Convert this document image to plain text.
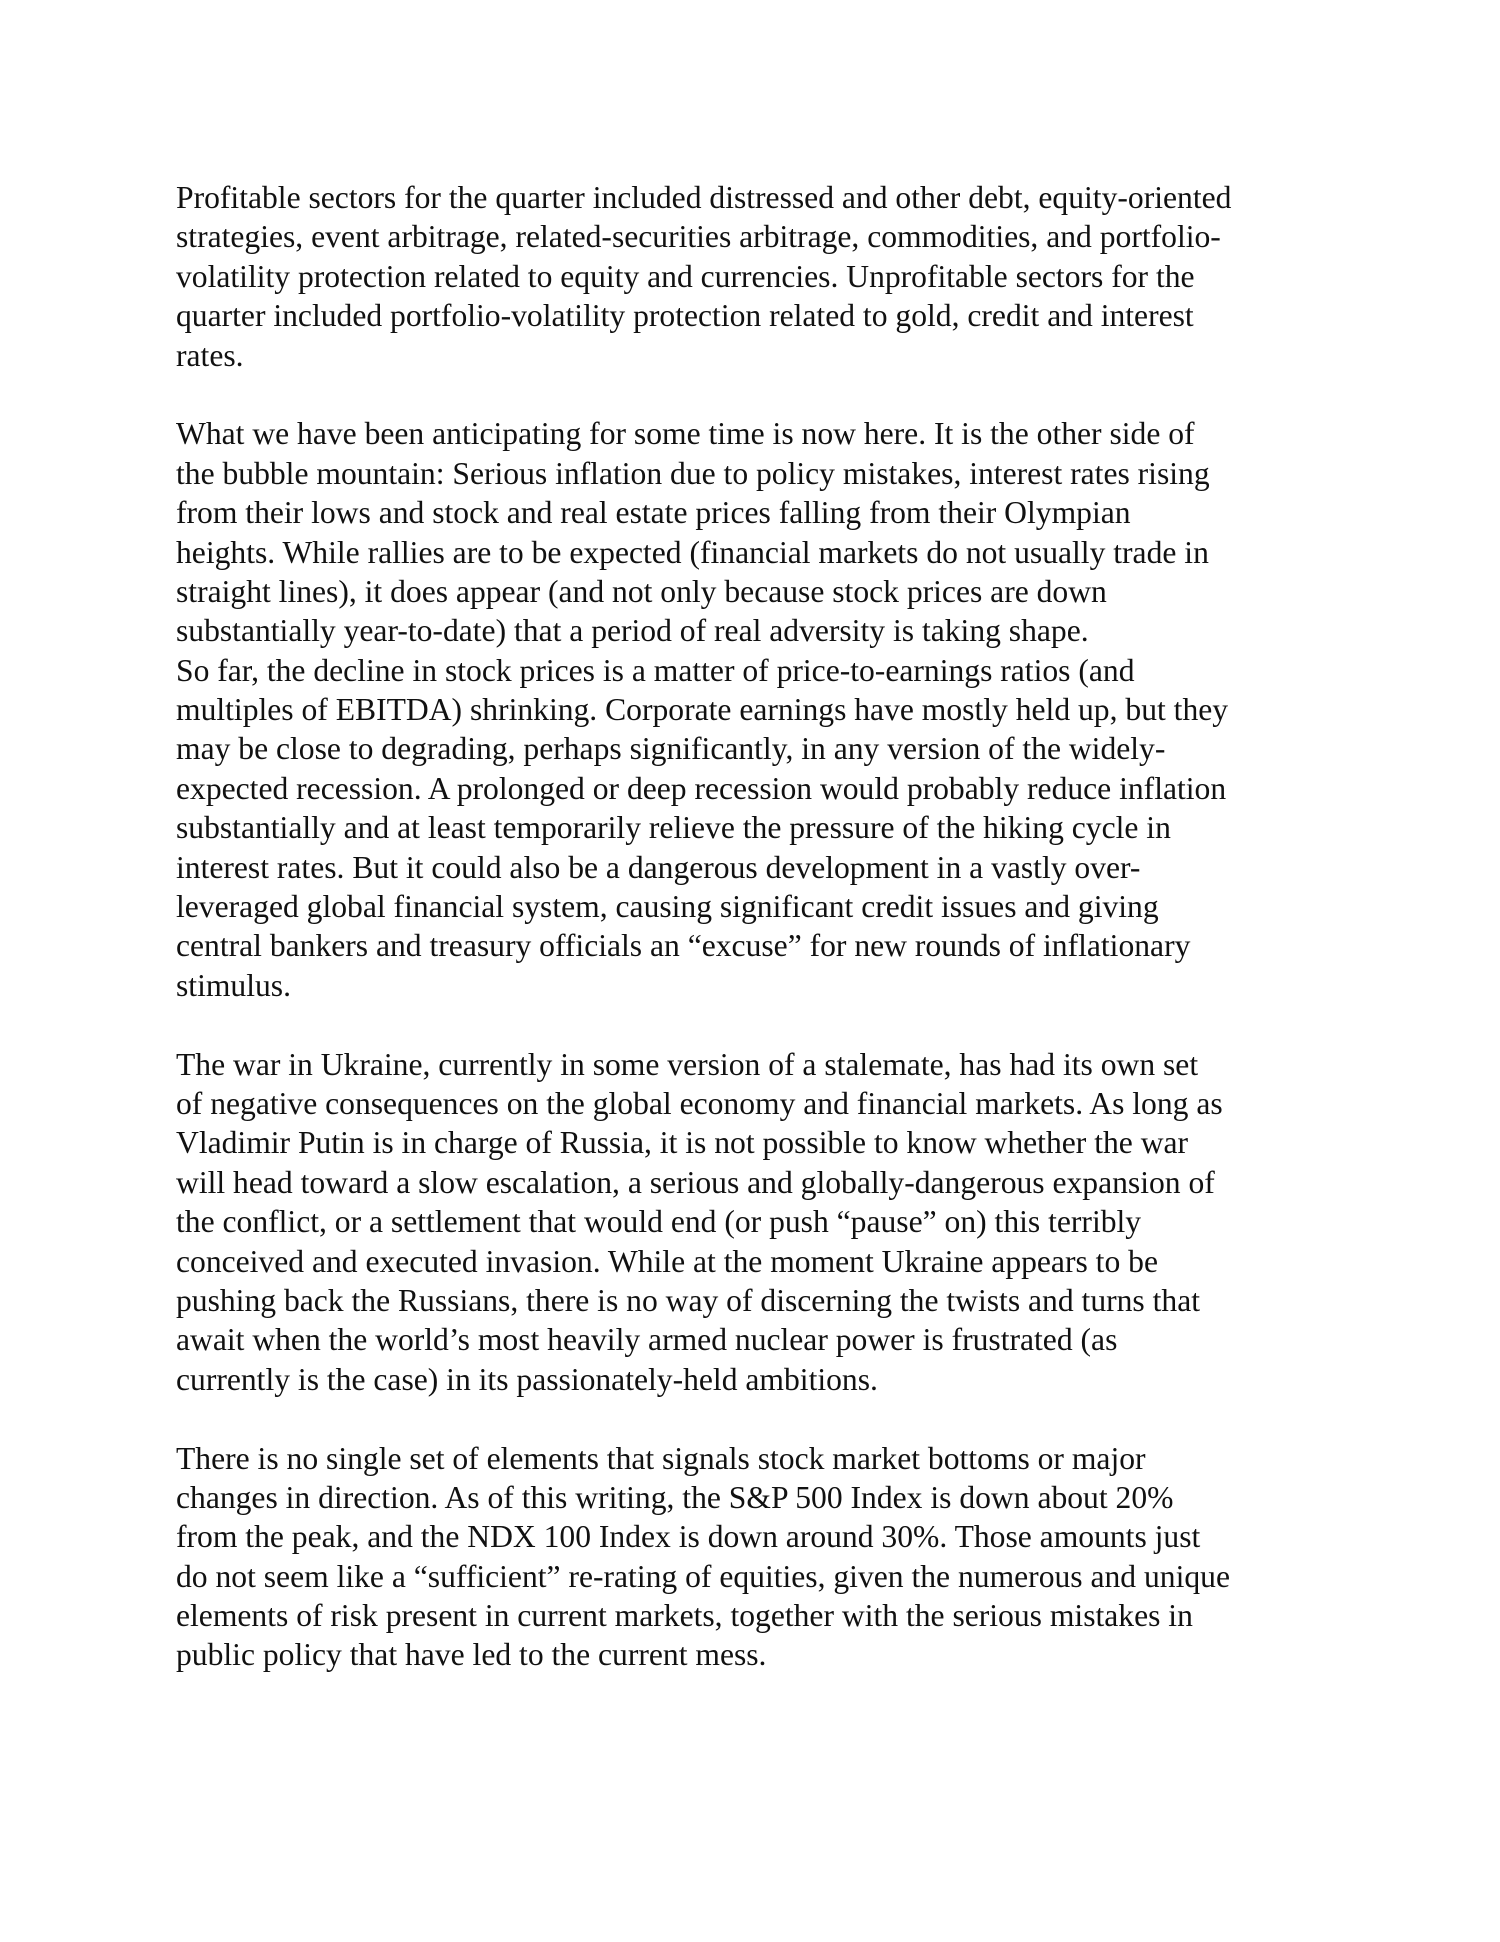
Profitable sectors for the quarter included distressed and other debt, equity-oriented
strategies, event arbitrage, related-securities arbitrage, commodities, and portfolio-
volatility protection related to equity and currencies. Unprofitable sectors for the
quarter included portfolio-volatility protection related to gold, credit and interest
rates.
What we have been anticipating for some time is now here. It is the other side of
the bubble mountain: Serious inflation due to policy mistakes, interest rates rising
from their lows and stock and real estate prices falling from their Olympian
heights. While rallies are to be expected (financial markets do not usually trade in
straight lines), it does appear (and not only because stock prices are down
substantially year-to-date) that a period of real adversity is taking shape.
So far, the decline in stock prices is a matter of price-to-earnings ratios (and
multiples of EBITDA) shrinking. Corporate earnings have mostly held up, but they
may be close to degrading, perhaps significantly, in any version of the widely-
expected recession. A prolonged or deep recession would probably reduce inflation
substantially and at least temporarily relieve the pressure of the hiking cycle in
interest rates. But it could also be a dangerous development in a vastly over-
leveraged global financial system, causing significant credit issues and giving
central bankers and treasury officials an “excuse” for new rounds of inflationary
stimulus.
The war in Ukraine, currently in some version of a stalemate, has had its own set
of negative consequences on the global economy and financial markets. As long as
Vladimir Putin is in charge of Russia, it is not possible to know whether the war
will head toward a slow escalation, a serious and globally-dangerous expansion of
the conflict, or a settlement that would end (or push “pause” on) this terribly
conceived and executed invasion. While at the moment Ukraine appears to be
pushing back the Russians, there is no way of discerning the twists and turns that
await when the world’s most heavily armed nuclear power is frustrated (as
currently is the case) in its passionately-held ambitions.
There is no single set of elements that signals stock market bottoms or major
changes in direction. As of this writing, the S&P 500 Index is down about 20%
from the peak, and the NDX 100 Index is down around 30%. Those amounts just
do not seem like a “sufficient” re-rating of equities, given the numerous and unique
elements of risk present in current markets, together with the serious mistakes in
public policy that have led to the current mess.
